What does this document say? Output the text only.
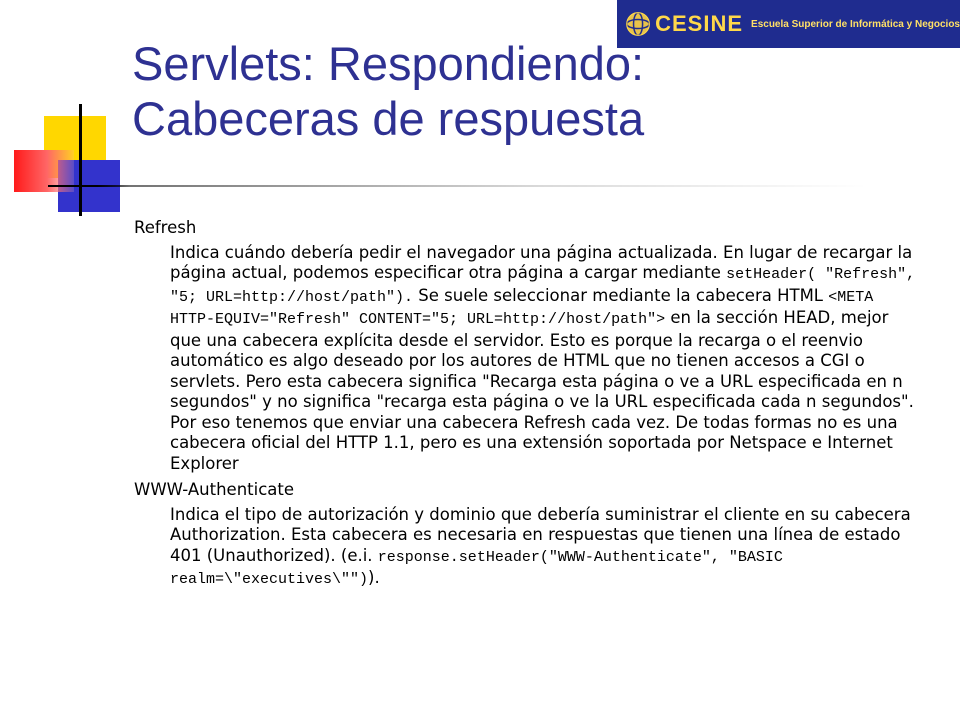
CESINE Escuela Superior de Informática y Negocios
Servlets: Respondiendo:
Cabeceras de respuesta
Refresh
Indica cuándo debería pedir el navegador una página actualizada. En lugar de recargar la página actual, podemos especificar otra página a cargar mediante setHeader( "Refresh", "5; URL=http://host/path"). Se suele seleccionar mediante la cabecera HTML <META HTTP-EQUIV="Refresh" CONTENT="5; URL=http://host/path"> en la sección HEAD, mejor que una cabecera explícita desde el servidor. Esto es porque la recarga o el reenvio automático es algo deseado por los autores de HTML que no tienen accesos a CGI o servlets. Pero esta cabecera significa "Recarga esta página o ve a URL especificada en n segundos" y no significa "recarga esta página o ve la URL especificada cada n segundos". Por eso tenemos que enviar una cabecera Refresh cada vez. De todas formas no es una cabecera oficial del HTTP 1.1, pero es una extensión soportada por Netspace e Internet Explorer
WWW-Authenticate
Indica el tipo de autorización y dominio que debería suministrar el cliente en su cabecera Authorization. Esta cabecera es necesaria en respuestas que tienen una línea de estado 401 (Unauthorized). (e.i. response.setHeader("WWW-Authenticate", "BASIC realm=\"executives\"")).
